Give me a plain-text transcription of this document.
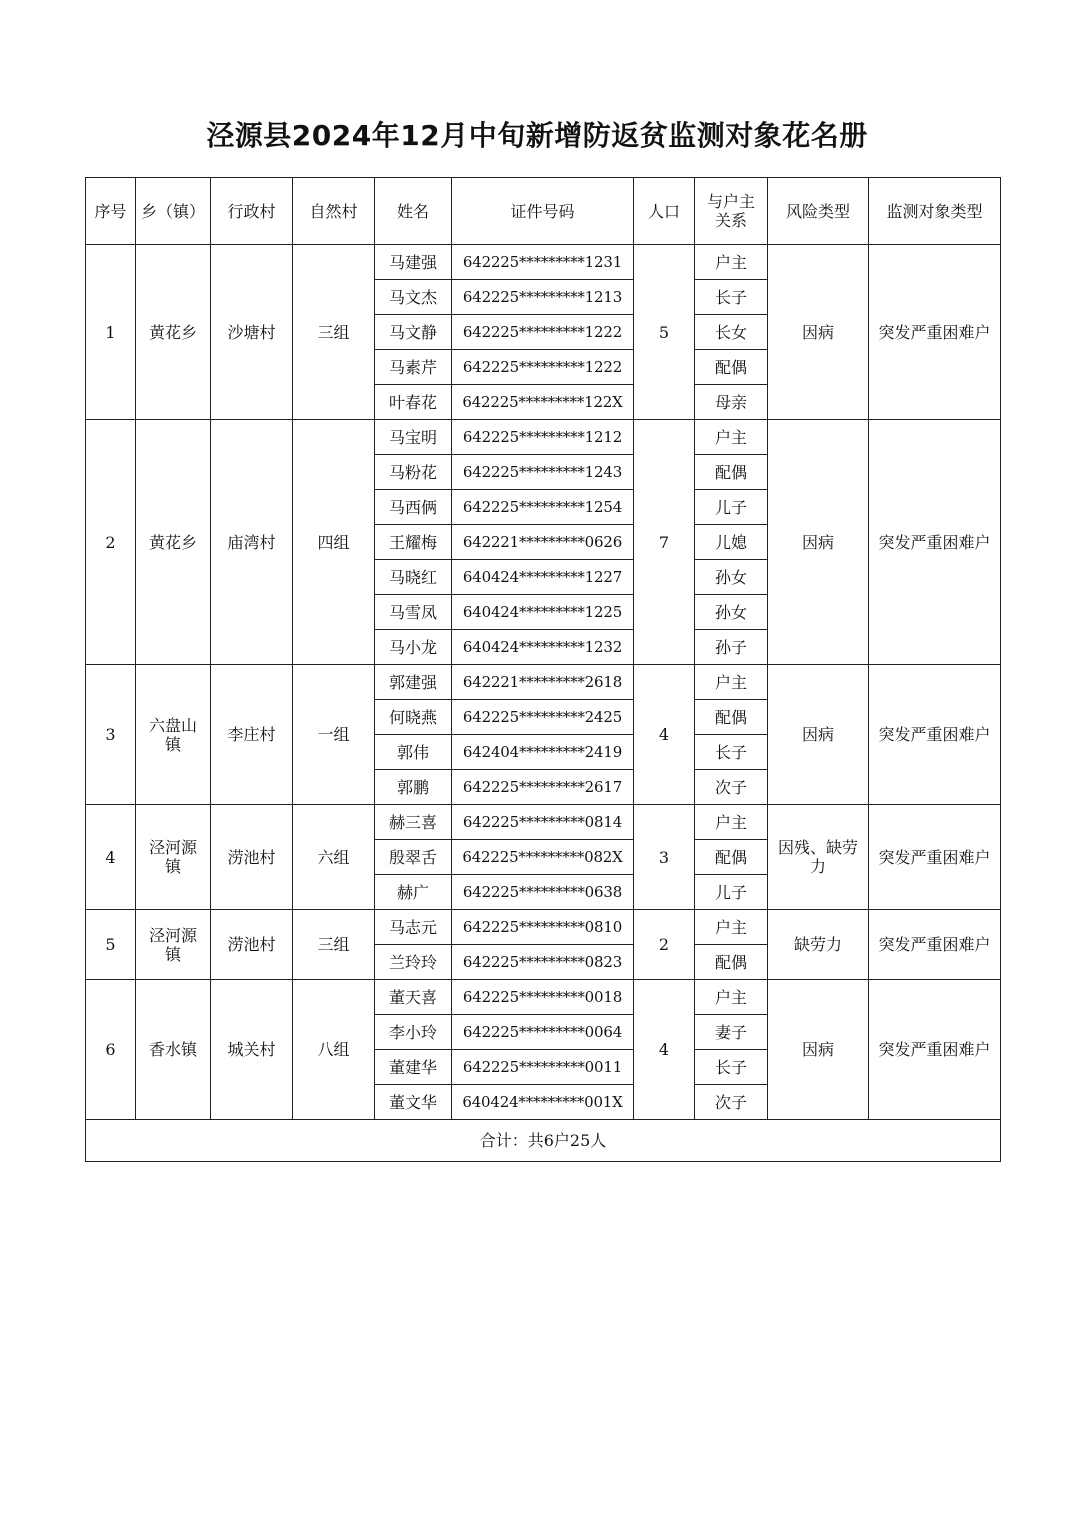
泾源县2024年12月中旬新增防返贫监测对象花名册
序号	乡（镇）	行政村	自然村	姓名	证件号码	人口	与户主关系	风险类型	监测对象类型
1	黄花乡	沙塘村	三组	马建强	642225*********1231	5	户主	因病	突发严重困难户
				马文杰	642225*********1213		长子		
				马文静	642225*********1222		长女		
				马素芹	642225*********1222		配偶		
				叶春花	642225*********122X		母亲		
2	黄花乡	庙湾村	四组	马宝明	642225*********1212	7	户主	因病	突发严重困难户
				马粉花	642225*********1243		配偶		
				马西俩	642225*********1254		儿子		
				王耀梅	642221*********0626		儿媳		
				马晓红	640424*********1227		孙女		
				马雪凤	640424*********1225		孙女		
				马小龙	640424*********1232		孙子		
3	六盘山镇	李庄村	一组	郭建强	642221*********2618	4	户主	因病	突发严重困难户
				何晓燕	642225*********2425		配偶		
				郭伟	642404*********2419		长子		
				郭鹏	642225*********2617		次子		
4	泾河源镇	涝池村	六组	赫三喜	642225*********0814	3	户主	因残、缺劳力	突发严重困难户
				殷翠舌	642225*********082X		配偶		
				赫广	642225*********0638		儿子		
5	泾河源镇	涝池村	三组	马志元	642225*********0810	2	户主	缺劳力	突发严重困难户
				兰玲玲	642225*********0823		配偶		
6	香水镇	城关村	八组	董天喜	642225*********0018	4	户主	因病	突发严重困难户
				李小玲	642225*********0064		妻子		
				董建华	642225*********0011		长子		
				董文华	640424*********001X		次子		
合计：共6户25人									
